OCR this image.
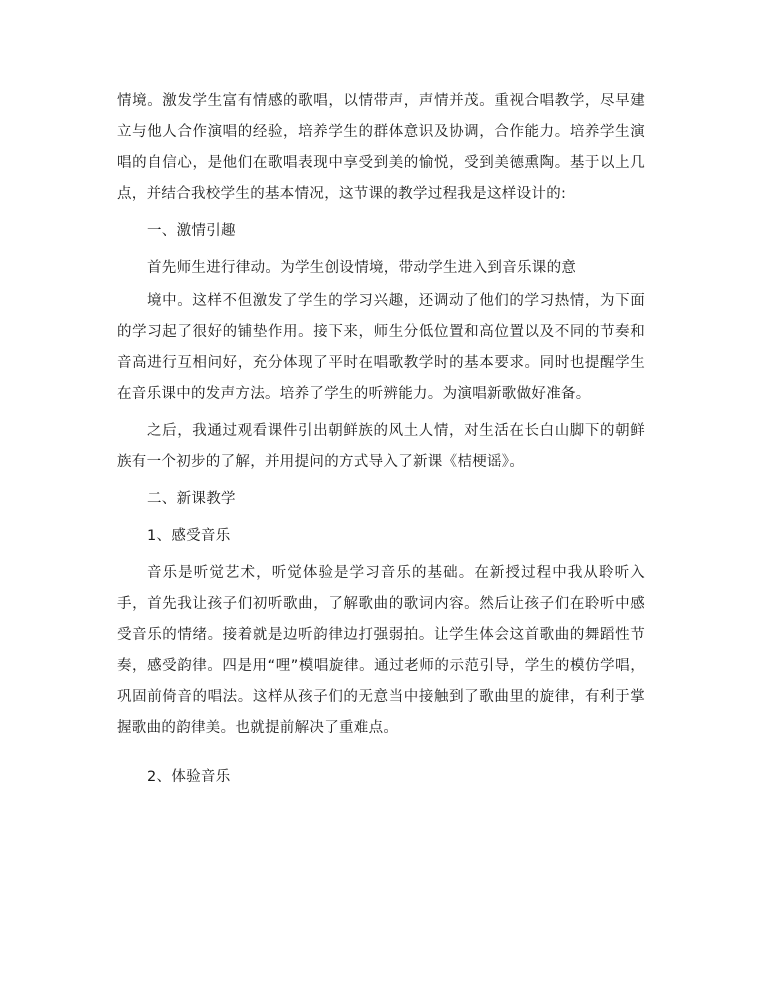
情境。激发学生富有情感的歌唱，以情带声，声情并茂。重视合唱教学，尽早建立与他人合作演唱的经验，培养学生的群体意识及协调，合作能力。培养学生演唱的自信心，是他们在歌唱表现中享受到美的愉悦，受到美德熏陶。基于以上几点，并结合我校学生的基本情况，这节课的教学过程我是这样设计的:

一、激情引趣

首先师生进行律动。为学生创设情境，带动学生进入到音乐课的意

境中。这样不但激发了学生的学习兴趣，还调动了他们的学习热情，为下面的学习起了很好的铺垫作用。接下来，师生分低位置和高位置以及不同的节奏和音高进行互相问好，充分体现了平时在唱歌教学时的基本要求。同时也提醒学生在音乐课中的发声方法。培养了学生的听辨能力。为演唱新歌做好准备。

之后，我通过观看课件引出朝鲜族的风土人情，对生活在长白山脚下的朝鲜族有一个初步的了解，并用提问的方式导入了新课《桔梗谣》。

二、新课教学

1、感受音乐

音乐是听觉艺术，听觉体验是学习音乐的基础。在新授过程中我从聆听入手，首先我让孩子们初听歌曲，了解歌曲的歌词内容。然后让孩子们在聆听中感受音乐的情绪。接着就是边听韵律边打强弱拍。让学生体会这首歌曲的舞蹈性节奏，感受韵律。四是用“哩”模唱旋律。通过老师的示范引导，学生的模仿学唱，巩固前倚音的唱法。这样从孩子们的无意当中接触到了歌曲里的旋律，有利于掌握歌曲的韵律美。也就提前解决了重难点。

2、体验音乐
